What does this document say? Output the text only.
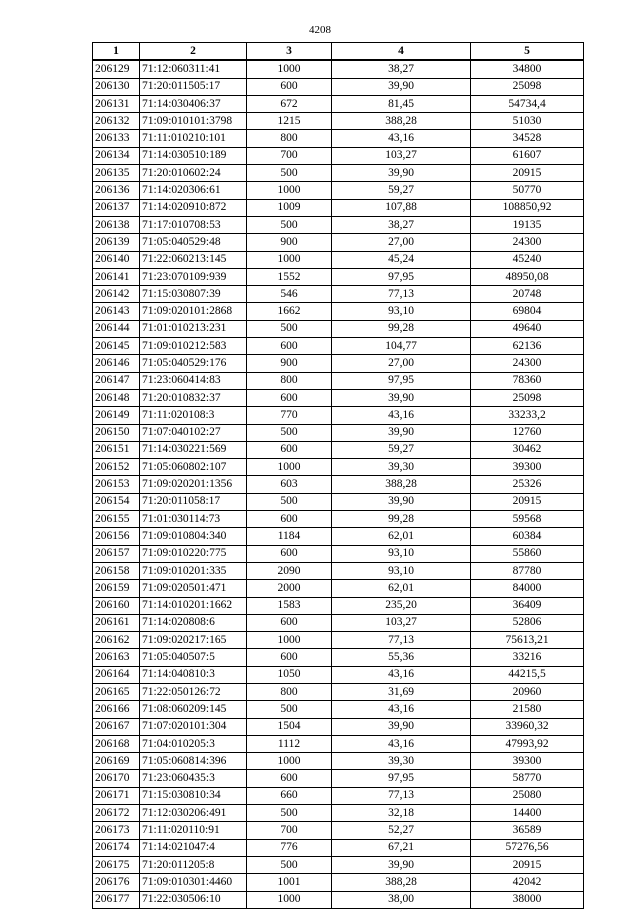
4208
1	2	3	4	5
206129	71:12:060311:41	1000	38,27	34800
206130	71:20:011505:17	600	39,90	25098
206131	71:14:030406:37	672	81,45	54734,4
206132	71:09:010101:3798	1215	388,28	51030
206133	71:11:010210:101	800	43,16	34528
206134	71:14:030510:189	700	103,27	61607
206135	71:20:010602:24	500	39,90	20915
206136	71:14:020306:61	1000	59,27	50770
206137	71:14:020910:872	1009	107,88	108850,92
206138	71:17:010708:53	500	38,27	19135
206139	71:05:040529:48	900	27,00	24300
206140	71:22:060213:145	1000	45,24	45240
206141	71:23:070109:939	1552	97,95	48950,08
206142	71:15:030807:39	546	77,13	20748
206143	71:09:020101:2868	1662	93,10	69804
206144	71:01:010213:231	500	99,28	49640
206145	71:09:010212:583	600	104,77	62136
206146	71:05:040529:176	900	27,00	24300
206147	71:23:060414:83	800	97,95	78360
206148	71:20:010832:37	600	39,90	25098
206149	71:11:020108:3	770	43,16	33233,2
206150	71:07:040102:27	500	39,90	12760
206151	71:14:030221:569	600	59,27	30462
206152	71:05:060802:107	1000	39,30	39300
206153	71:09:020201:1356	603	388,28	25326
206154	71:20:011058:17	500	39,90	20915
206155	71:01:030114:73	600	99,28	59568
206156	71:09:010804:340	1184	62,01	60384
206157	71:09:010220:775	600	93,10	55860
206158	71:09:010201:335	2090	93,10	87780
206159	71:09:020501:471	2000	62,01	84000
206160	71:14:010201:1662	1583	235,20	36409
206161	71:14:020808:6	600	103,27	52806
206162	71:09:020217:165	1000	77,13	75613,21
206163	71:05:040507:5	600	55,36	33216
206164	71:14:040810:3	1050	43,16	44215,5
206165	71:22:050126:72	800	31,69	20960
206166	71:08:060209:145	500	43,16	21580
206167	71:07:020101:304	1504	39,90	33960,32
206168	71:04:010205:3	1112	43,16	47993,92
206169	71:05:060814:396	1000	39,30	39300
206170	71:23:060435:3	600	97,95	58770
206171	71:15:030810:34	660	77,13	25080
206172	71:12:030206:491	500	32,18	14400
206173	71:11:020110:91	700	52,27	36589
206174	71:14:021047:4	776	67,21	57276,56
206175	71:20:011205:8	500	39,90	20915
206176	71:09:010301:4460	1001	388,28	42042
206177	71:22:030506:10	1000	38,00	38000
